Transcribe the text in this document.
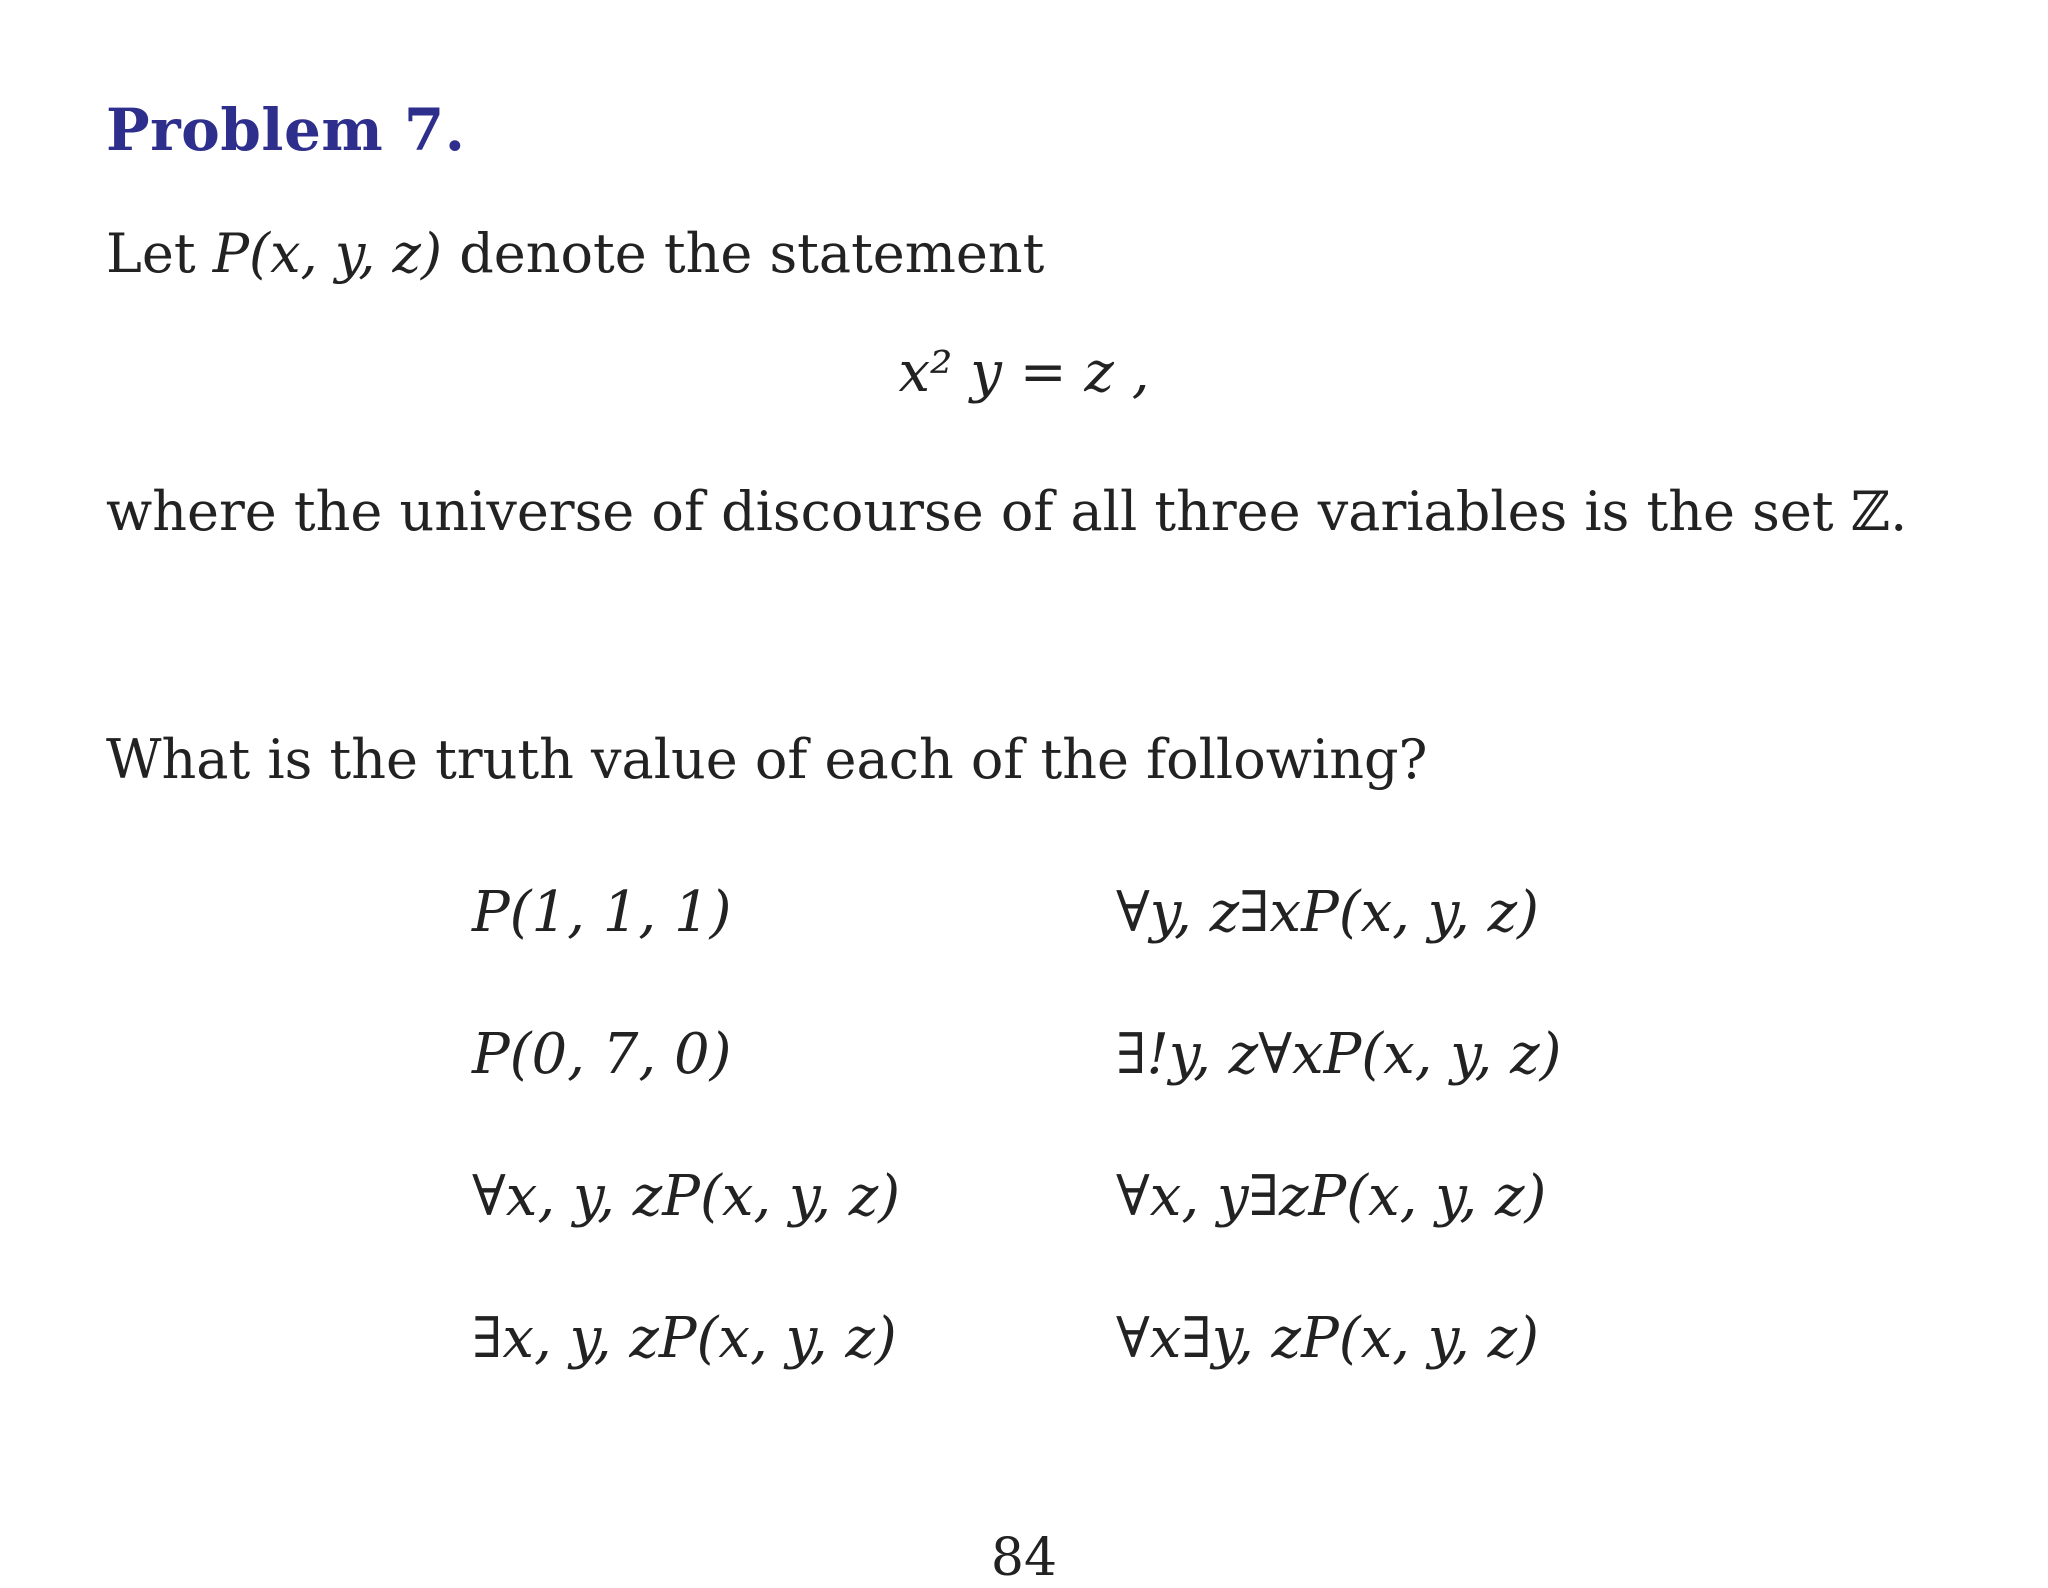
Problem 7.
Let P(x, y, z) denote the statement
x² y = z ,
where the universe of discourse of all three variables is the set ℤ.
What is the truth value of each of the following?
P(1, 1, 1)
P(0, 7, 0)
∀x, y, zP(x, y, z)
∃x, y, zP(x, y, z)
∀y, z∃xP(x, y, z)
∃!y, z∀xP(x, y, z)
∀x, y∃zP(x, y, z)
∀x∃y, zP(x, y, z)
84
